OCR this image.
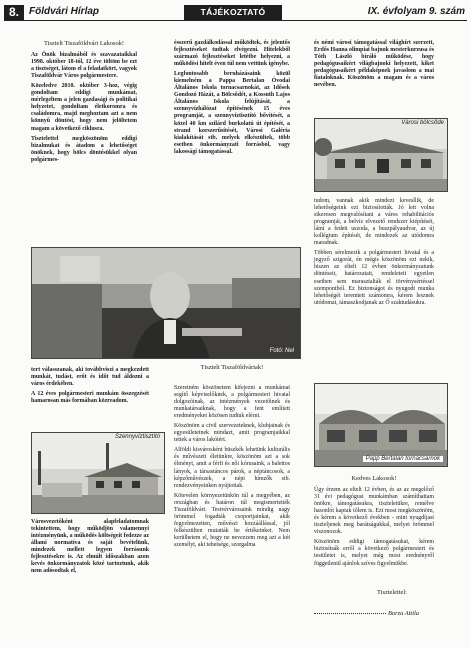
8.	Földvári Hírlap	TÁJÉKOZTATÓ	IX. évfolyam 9. szám

Tisztelt Tiszaföldvári Lakosok!

Az Önök bizalmából és szavazataikkal 1998. október 18-tól, 12 éve töltöm be ezt a tisztséget, látom el a feladatkört, vagyok Tiszaföldvár Város polgármestere.

Közeledve 2010. október 3-hoz, végig gondoltam eddigi munkámat, mérlegeltem a jelen gazdasági és politikai helyzetet, gondoltam életkoromra és családomra, majd meghoztam azt a nem könnyű döntést, hogy nem jelöltetem magam a következő ciklusra.

Tisztelettel megköszönöm eddigi bizalmukat és átadom a lehetőséget önöknek, hogy bölcs döntésükkel olyan polgármes-

ésszerű gazdálkodással működtek, és jelentős fejlesztéseket tudtak elvégezni. Hitelekből származó fejlesztéseket letétbe helyezni, a működési hitelt éven túl nem vettünk igénybe.

Legfontosabb beruházásaink közül kiemelném a Pappa Bertalan Óvodai Általános Iskola tornacsarnokát, az Idősek Gondozó Házát, a Bölcsődét, a Kossuth Lajos Általános Iskola felújítását, a szennyvízhálózat építésének 15 éves programját, a szennyvíztisztító bővítését, a közel 40 km szilárd burkolatú út építését, a strand korszerűsítését, Városi Galéria kialakítását stb. melyek elkészültek, több esetben önkormányzati forrásból, vagy lakossági támogatással.

és némi városi támogatással világhírt szerzett, Erdős Hanna olimpiai bajnok mesterkurzusa és Tóth László bíráló működése, hogy pedagógusaikért világbajnoki helyezett, kiket pedagógusaikért példaképnek javaslom a mai fiataloknak. Köszönöm a magam és a város nevében.

Városi bölcsőde
Fotó: Nel

tert válasszanak, aki továbbviszi a megkezdett munkát, tudást, erőt és időt tud áldozni a város érdekében.

A 12 éves polgármesteri munkám összegzését hamarosan más formában közreadom.

Szennyvíztisztító

Városvezetőként alapfeladatomnak tekintettem, hogy működjön valamennyi intézményünk, a működés költségeit fedezze az állami normatíva és saját bevételünk, mindezek mellett legyen forrásunk fejlesztésekre is. Az elmúlt időszakban azon kevés önkormányzatok közé tartoztunk, akik nem adósodtak el,

Tisztelt Tiszaföldváriak!

Szeretném köszönetem kifejezni a munkámat segítő képviselőknek, a polgármesteri hivatal dolgozóinak, az intézmények vezetőinek és munkatársaiknak, hogy a fent említett eredményeket közösen tudtuk elérni.

Köszönöm a civil szervezeteknek, klubjainak és egyesületeinek mindazt, amit programjaikkal tettek a város lakóiért.

Alföldi kisvárosként büszkék lehetünk kulturális és művészeti életünkre, köszönöm azt a sok élményt, amit a férfi és női kórusaink, a balettos lányok, a társastáncos párok, a néptáncosok, a képzőművészek, a népi hímzők stb. rendezvényeinken nyújtottak.

Kötevelen környezetünkön túl a megyében, az országban és határon túl megismertették Tiszaföldvárt. Testvérvárosaink mindig nagy örömmel fogadták csoportjainkat, akik fegyelmezetten, művészi hozzáállással, jól felkészülten mutatták be értékeinket. Nem kerülhetem el, hogy ne nevezzem meg azt a két személyt, aki tehetsége, szorgalma

tudom, vannak akik mindezt kevesllik, de lehetőségeink ezt biztosították. Jó lett volna sikeresen megvalósítani a város rehabilitációs programját, a belvíz elvezető rendszer kiépítését, látni a fedett uszoda, a buszpályaudvar, az új kollégium építését, de mindezek az utódomra maradnak.

Többen sérelmezik a polgármesteri hivatal és a jegyző szigorát, én mégis köszönöm ezt nekik, hiszen az eltelt 12 évben önkormányzatunk döntéseit, határozatait, rendeleteit egyetlen esetben sem marasztalták el törvénysértéssel szempontból. Ez biztonságot és nyugodt munka lehetőségét teremtett számomra, kérem lesznek utódomat, támaszkodjanak az Ő szaktudásukra.

Papp Bertalan tornacsarnok

Kedves Lakosok!

Úgy érzem az eltelt 12 évben, és az az megelőző 31 évi pedagógusi munkámban számíthattam önökre, támogatásukra, tiszteletükre, remélve hasonlót kaptak tőlem is. Ezt most megköszönöm, és kérem a következő években - mint nyugdíjast tiszteljenek meg barátságukkal, melyet örömmel viszonozok.

Köszönöm eddigi támogatásukat, kérem biztosítsák erről a következő polgármestert és testületet is, melyet még most erednényről függetlenül ajánlok szíves figyelmükbe.

Tisztelettel:
Borza Attila
